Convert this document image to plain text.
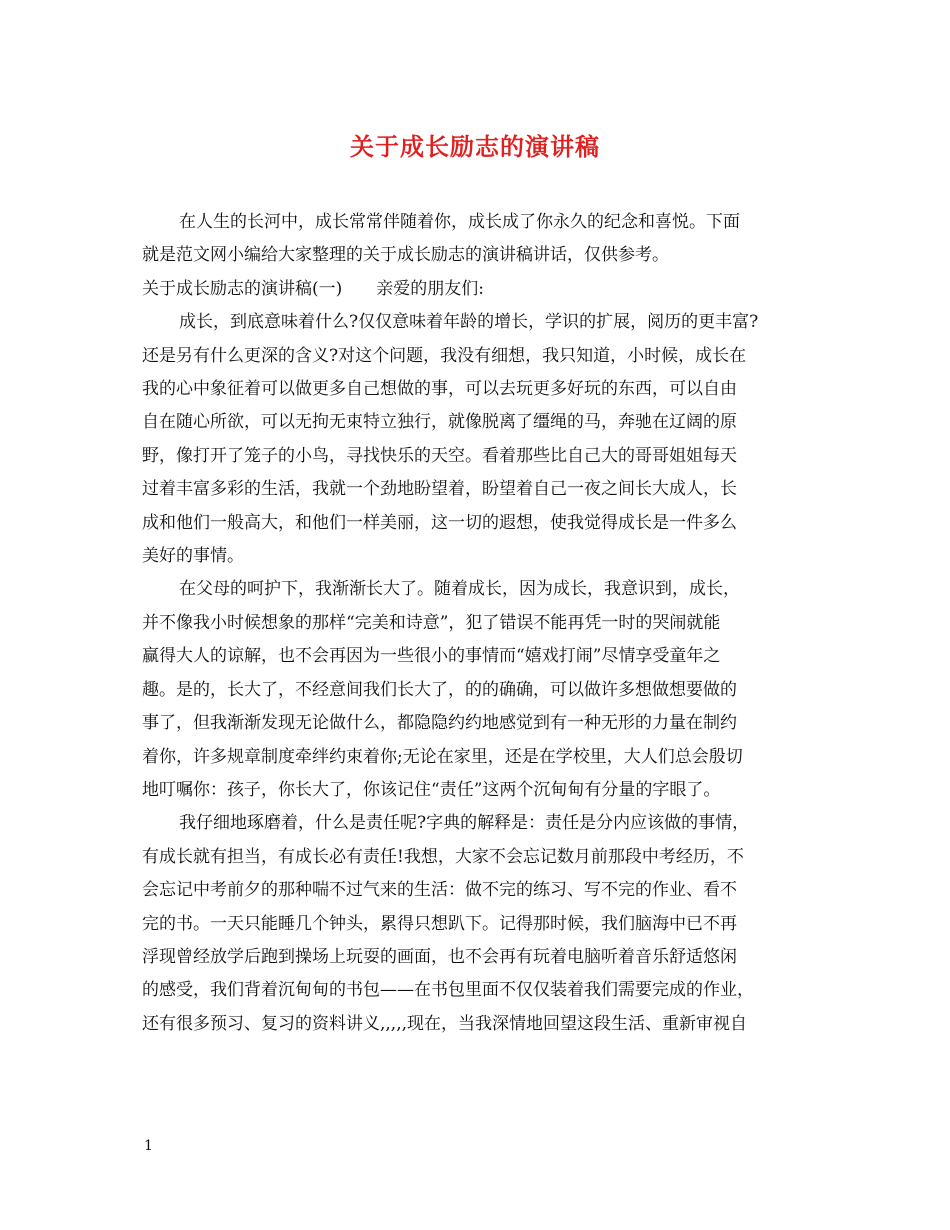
关于成长励志的演讲稿
在人生的长河中，成长常常伴随着你，成长成了你永久的纪念和喜悦。下面
就是范文网小编给大家整理的关于成长励志的演讲稿讲话，仅供参考。
关于成长励志的演讲稿(一)　　亲爱的朋友们:
成长，到底意味着什么?仅仅意味着年龄的增长，学识的扩展，阅历的更丰富?
还是另有什么更深的含义?对这个问题，我没有细想，我只知道，小时候，成长在
我的心中象征着可以做更多自己想做的事，可以去玩更多好玩的东西，可以自由
自在随心所欲，可以无拘无束特立独行，就像脱离了缰绳的马，奔驰在辽阔的原
野，像打开了笼子的小鸟，寻找快乐的天空。看着那些比自己大的哥哥姐姐每天
过着丰富多彩的生活，我就一个劲地盼望着，盼望着自己一夜之间长大成人，长
成和他们一般高大，和他们一样美丽，这一切的遐想，使我觉得成长是一件多么
美好的事情。
在父母的呵护下，我渐渐长大了。随着成长，因为成长，我意识到，成长，
并不像我小时候想象的那样“完美和诗意”，犯了错误不能再凭一时的哭闹就能
赢得大人的谅解，也不会再因为一些很小的事情而“嬉戏打闹”尽情享受童年之
趣。是的，长大了，不经意间我们长大了，的的确确，可以做许多想做想要做的
事了，但我渐渐发现无论做什么，都隐隐约约地感觉到有一种无形的力量在制约
着你，许多规章制度牵绊约束着你;无论在家里，还是在学校里，大人们总会殷切
地叮嘱你：孩子，你长大了，你该记住“责任”这两个沉甸甸有分量的字眼了。
我仔细地琢磨着，什么是责任呢?字典的解释是：责任是分内应该做的事情，
有成长就有担当，有成长必有责任!我想，大家不会忘记数月前那段中考经历，不
会忘记中考前夕的那种喘不过气来的生活：做不完的练习、写不完的作业、看不
完的书。一天只能睡几个钟头，累得只想趴下。记得那时候，我们脑海中已不再
浮现曾经放学后跑到操场上玩耍的画面，也不会再有玩着电脑听着音乐舒适悠闲
的感受，我们背着沉甸甸的书包——在书包里面不仅仅装着我们需要完成的作业，
还有很多预习、复习的资料讲义,,,,,现在，当我深情地回望这段生活、重新审视自
1
